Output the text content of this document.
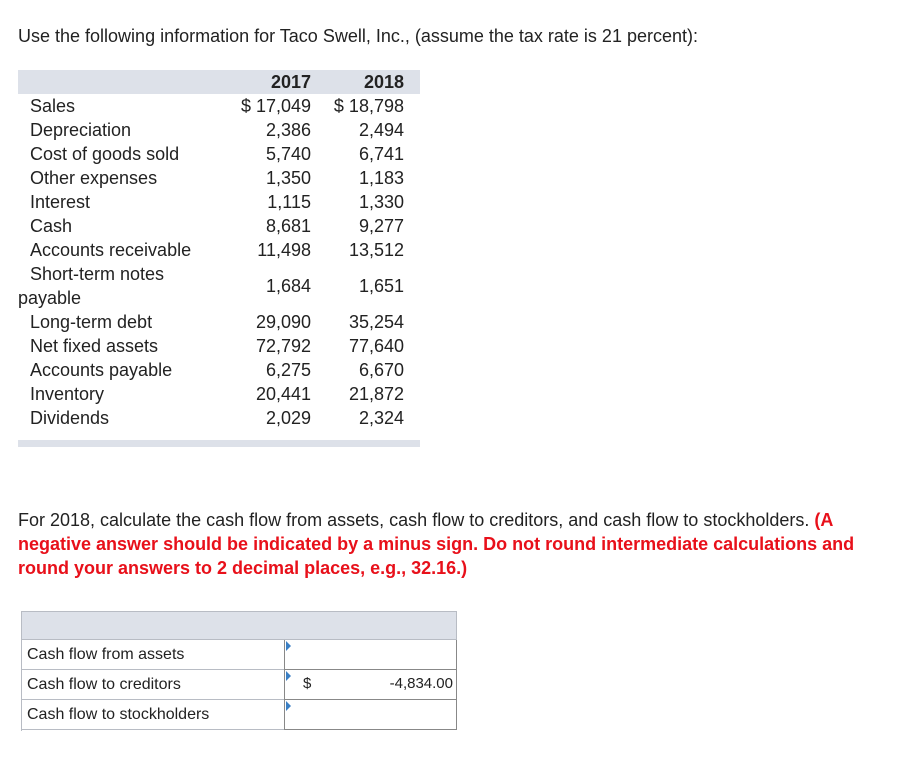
Use the following information for Taco Swell, Inc., (assume the tax rate is 21 percent):
	2017	2018
Sales	$ 17,049	$ 18,798
Depreciation	2,386	2,494
Cost of goods sold	5,740	6,741
Other expenses	1,350	1,183
Interest	1,115	1,330
Cash	8,681	9,277
Accounts receivable	11,498	13,512

Short-term notes
payable	1,684	1,651
Long-term debt	29,090	35,254
Net fixed assets	72,792	77,640
Accounts payable	6,275	6,670
Inventory	20,441	21,872
Dividends	2,029	2,324
For 2018, calculate the cash flow from assets, cash flow to creditors, and cash flow to stockholders. (A negative answer should be indicated by a minus sign. Do not round intermediate calculations and round your answers to 2 decimal places, e.g., 32.16.)
Cash flow from assets
Cash flow to creditors	$	-4,834.00
Cash flow to stockholders
